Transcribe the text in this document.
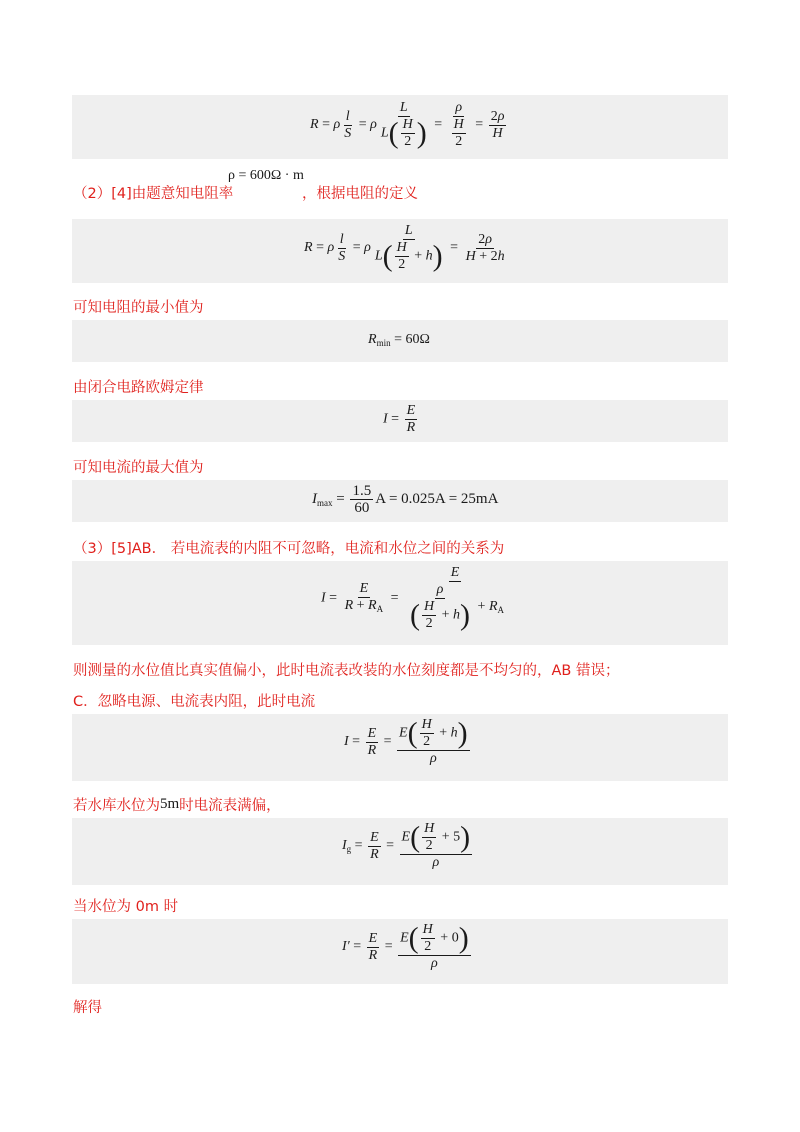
R = ρ $\frac{l}{S} = \rho \frac{L}{L( \frac{H}{2} )} = \frac{\rho}{\frac{H}{2}} = \frac{2\rho}{H}$
（2）[4]由题意知电阻率
ρ = 600Ω · m
，根据电阻的定义
R = ρ $\frac{l}{S} = \rho \frac{L}{L( \frac{H}{2} + h)} = \frac{2\rho}{H + 2h}$
可知电阻的最小值为
$R_{min} = 60\Omega$
由闭合电路欧姆定律
$I = \frac{E}{R}$
可知电流的最大值为
$I_{max} = \frac{1.5}{60}$ A = 0.025A = 25mA
（3）[5]AB． 若电流表的内阻不可忽略，电流和水位之间的关系为
$I = \frac{E}{R + R_A} = \frac{E}{\frac{\rho}{( \frac{H}{2} + h)} + R_A}$
则测量的水位值比真实值偏小，此时电流表改装的水位刻度都是不均匀的，AB 错误；
C．忽略电源、电流表内阻，此时电流
$I = \frac{E}{R} = \frac{E( \frac{H}{2} + h)}{\rho}$
若水库水位为5m时电流表满偏，
$I_g = \frac{E}{R} = \frac{E( \frac{H}{2} + 5)}{\rho}$
当水位为 0m 时
$I' = \frac{E}{R} = \frac{E( \frac{H}{2} + 0)}{\rho}$
解得
